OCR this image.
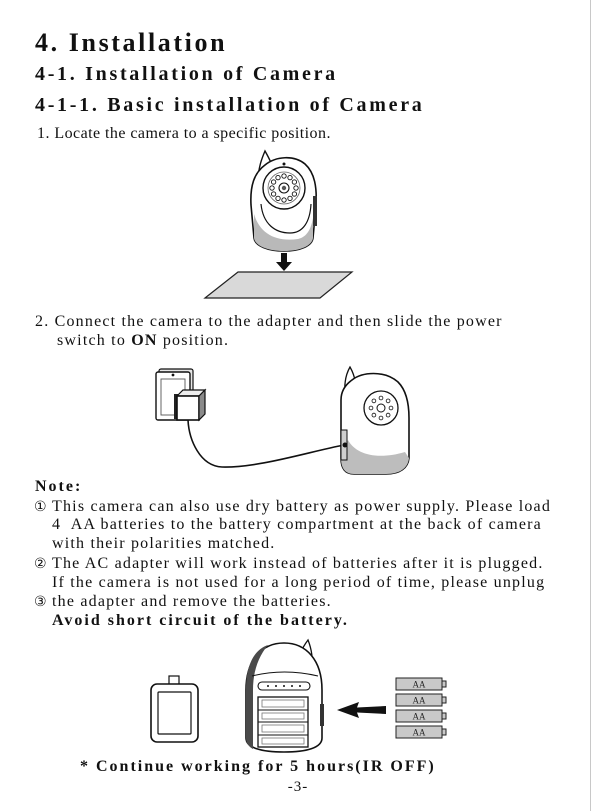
4. Installation
4-1. Installation of Camera
4-1-1. Basic installation of Camera
1. Locate the camera to a specific position.
2. Connect the camera to the adapter and then slide the power
switch to ON position.
Note:
① This camera can also use dry battery as power supply. Please load
4  AA batteries to the battery compartment at the back of camera
with their polarities matched.
② The AC adapter will work instead of batteries after it is plugged.
If the camera is not used for a long period of time, please unplug
③ the adapter and remove the batteries.
Avoid short circuit of the battery.
AA
AA
AA
AA
* Continue working for 5 hours(IR OFF)
-3-
